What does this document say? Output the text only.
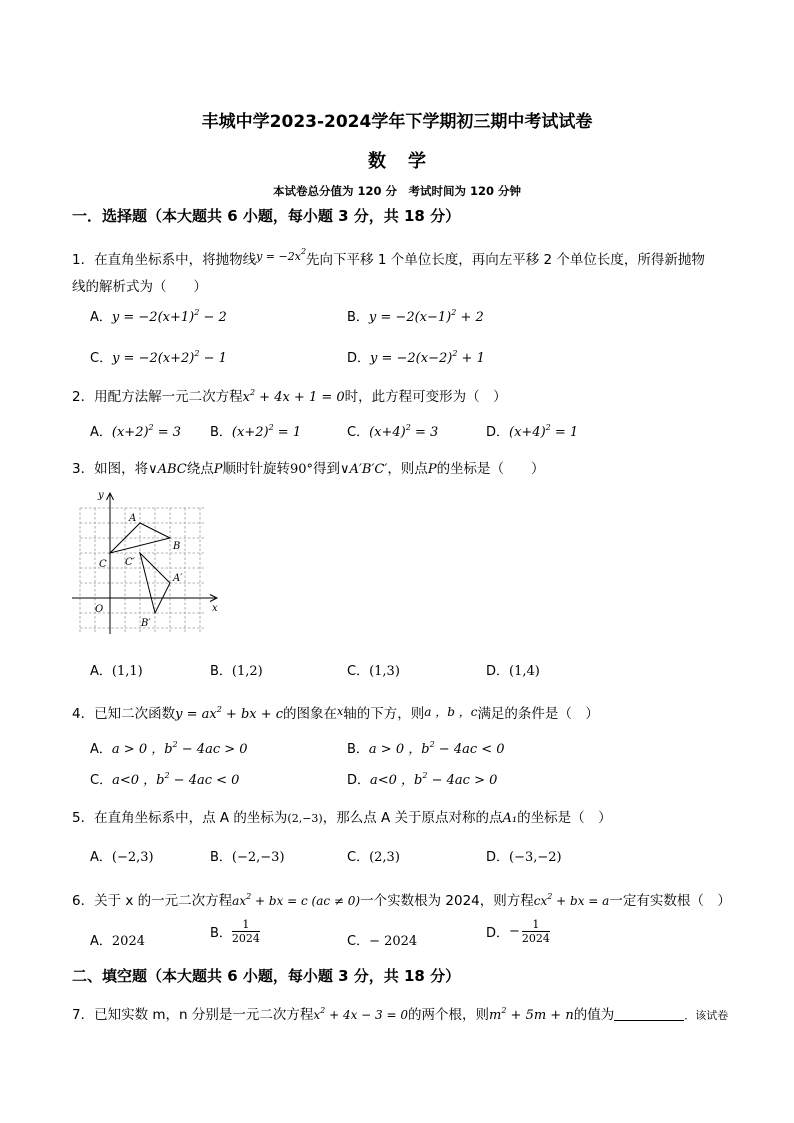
丰城中学2023-2024学年下学期初三期中考试试卷
数学
本试卷总分值为 120 分　考试时间为 120 分钟
一．选择题（本大题共 6 小题，每小题 3 分，共 18 分）
1．在直角坐标系中，将抛物线$^{y = -2x^2}$先向下平移 1 个单位长度，再向左平移 2 个单位长度，所得新抛物
线的解析式为（　　）
A．$y = -2(x+1)^2 - 2$	B．$y = -2(x-1)^2 + 2$
C．$y = -2(x+2)^2 - 1$	D．$y = -2(x-2)^2 + 1$
2．用配方法解一元二次方程$x^2 + 4x + 1 = 0$时，此方程可变形为（　）
A．$(x+2)^2 = 3$ B．$(x+2)^2 = 1$	C．$(x+4)^2 = 3$	D．$(x+4)^2 = 1$
3．如图，将∨ABC绕点P顺时针旋转90°得到∨A′B′C′，则点P的坐标是（　　）
y
x
O
A
B
C
A′
B′
C′
A．(1,1)	B．(1,2)	C．(1,3)	D．(1,4)
4．已知二次函数$y = ax^2$ + bx + c的图象在$^x$轴的下方，则a ，b ，c满足的条件是（　）
A．a > 0 ，$b^2 - 4ac > 0$	B．a > 0 ，$b^2 - 4ac < 0$
C．a<0 ，$b^2 - 4ac < 0$	D．a<0 ，$b^2 - 4ac > 0$
5．在直角坐标系中，点 A 的坐标为(2,−3)，那么点 A 关于原点对称的点A₁的坐标是（　）
A．(−2,3)	B．(−2,−3)	C．(2,3)	D．(−3,−2)
6．关于 x 的一元二次方程$ax^2$ + bx = c (ac ≠ 0)一个实数根为 2024，则方程$cx^2$ + bx = a一定有实数根（　）
A．2024
B． $\frac{1}{2024}$	C．− 2024
D．− $\frac{1}{2024}$
二、填空题（本大题共 6 小题，每小题 3 分，共 18 分）
7．已知实数 m，n 分别是一元二次方程$x^2 + 4x - 3 = 0$的两个根，则$m^2 + 5m + n$的值为	．该试卷
